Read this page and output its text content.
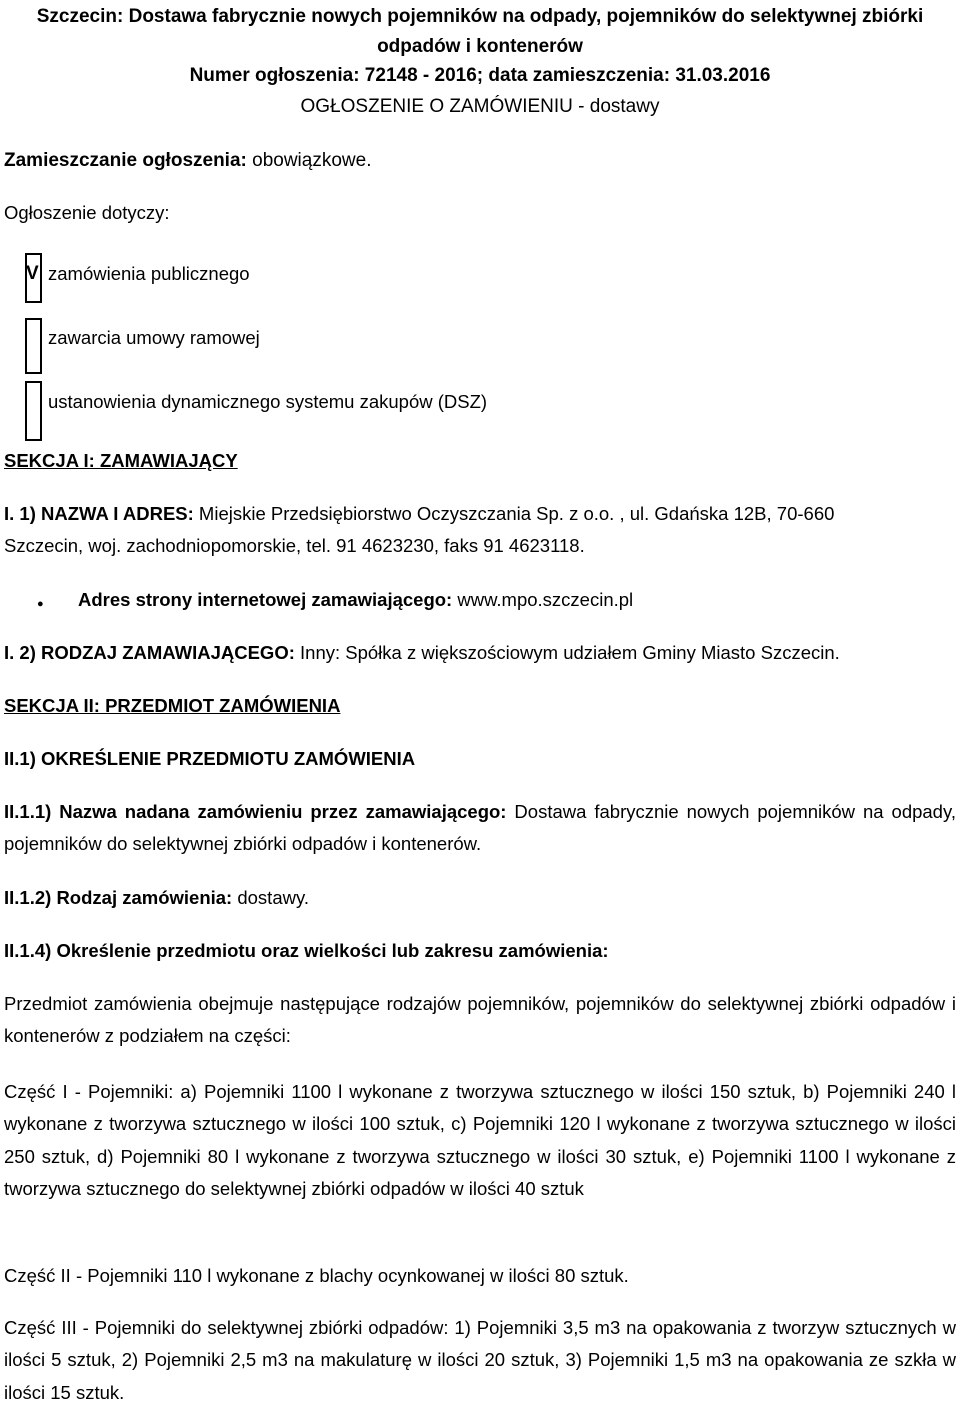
Szczecin: Dostawa fabrycznie nowych pojemników na odpady, pojemników do selektywnej zbiórki
odpadów i kontenerów
Numer ogłoszenia: 72148 - 2016; data zamieszczenia: 31.03.2016
OGŁOSZENIE O ZAMÓWIENIU - dostawy
Zamieszczanie ogłoszenia: obowiązkowe.
Ogłoszenie dotyczy:
V zamówienia publicznego
zawarcia umowy ramowej
ustanowienia dynamicznego systemu zakupów (DSZ)
SEKCJA I: ZAMAWIAJĄCY
I. 1) NAZWA I ADRES: Miejskie Przedsiębiorstwo Oczyszczania Sp. z o.o. , ul. Gdańska 12B, 70-660
Szczecin, woj. zachodniopomorskie, tel. 91 4623230, faks 91 4623118.
● Adres strony internetowej zamawiającego: www.mpo.szczecin.pl
I. 2) RODZAJ ZAMAWIAJĄCEGO: Inny: Spółka z większościowym udziałem Gminy Miasto Szczecin.
SEKCJA II: PRZEDMIOT ZAMÓWIENIA
II.1) OKREŚLENIE PRZEDMIOTU ZAMÓWIENIA
II.1.1) Nazwa nadana zamówieniu przez zamawiającego: Dostawa fabrycznie nowych pojemników na odpady, pojemników do selektywnej zbiórki odpadów i kontenerów.
II.1.2) Rodzaj zamówienia: dostawy.
II.1.4) Określenie przedmiotu oraz wielkości lub zakresu zamówienia:
Przedmiot zamówienia obejmuje następujące rodzajów pojemników, pojemników do selektywnej zbiórki odpadów i kontenerów z podziałem na części:
Część I - Pojemniki: a) Pojemniki 1100 l wykonane z tworzywa sztucznego w ilości 150 sztuk, b) Pojemniki 240 l wykonane z tworzywa sztucznego w ilości 100 sztuk, c) Pojemniki 120 l wykonane z tworzywa sztucznego w ilości 250 sztuk, d) Pojemniki 80 l wykonane z tworzywa sztucznego w ilości 30 sztuk, e) Pojemniki 1100 l wykonane z tworzywa sztucznego do selektywnej zbiórki odpadów w ilości 40 sztuk
Część II - Pojemniki 110 l wykonane z blachy ocynkowanej w ilości 80 sztuk.
Część III - Pojemniki do selektywnej zbiórki odpadów: 1) Pojemniki 3,5 m3 na opakowania z tworzyw sztucznych w ilości 5 sztuk, 2) Pojemniki 2,5 m3 na makulaturę w ilości 20 sztuk, 3) Pojemniki 1,5 m3 na opakowania ze szkła w ilości 15 sztuk.
